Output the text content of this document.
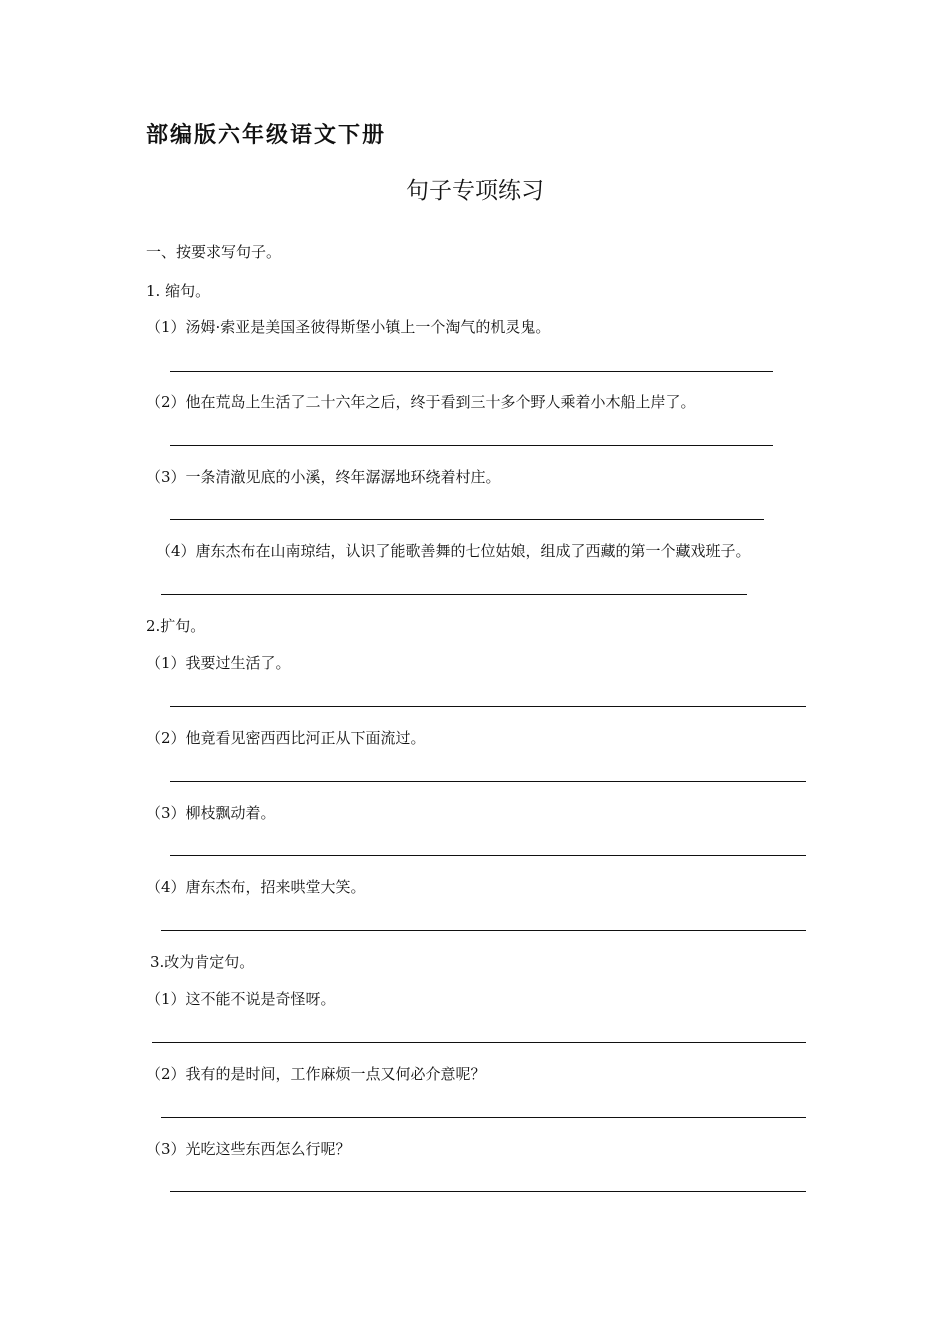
部编版六年级语文下册
句子专项练习
一、按要求写句子。
1. 缩句。
（1）汤姆·索亚是美国圣彼得斯堡小镇上一个淘气的机灵鬼。
（2）他在荒岛上生活了二十六年之后，终于看到三十多个野人乘着小木船上岸了。
（3）一条清澈见底的小溪，终年潺潺地环绕着村庄。
（4）唐东杰布在山南琼结，认识了能歌善舞的七位姑娘，组成了西藏的第一个藏戏班子。
2.扩句。
（1）我要过生活了。
（2）他竟看见密西西比河正从下面流过。
（3）柳枝飘动着。
（4）唐东杰布，招来哄堂大笑。
3.改为肯定句。
（1）这不能不说是奇怪呀。
（2）我有的是时间，工作麻烦一点又何必介意呢？
（3）光吃这些东西怎么行呢？
